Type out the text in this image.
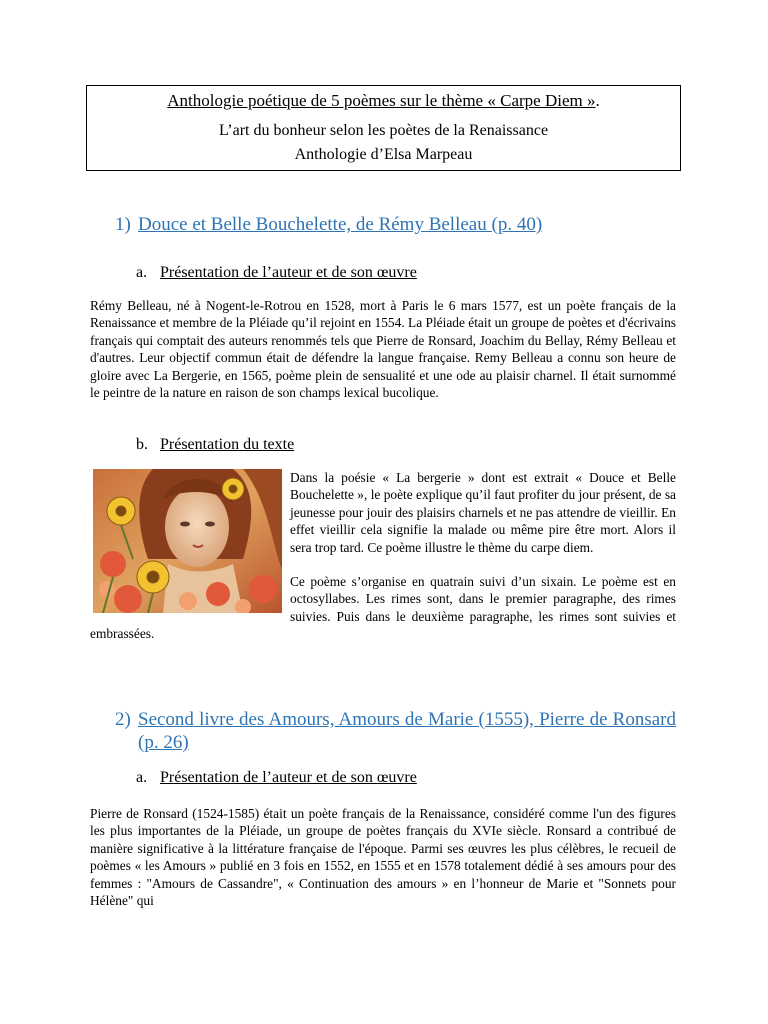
Anthologie poétique de 5 poèmes sur le thème « Carpe Diem ».
L’art du bonheur selon les poètes de la Renaissance
Anthologie d’Elsa Marpeau
1) Douce et Belle Bouchelette, de Rémy Belleau (p. 40)
a. Présentation de l’auteur et de son œuvre

Rémy Belleau, né à Nogent-le-Rotrou en 1528, mort à Paris le 6 mars 1577, est un poète français de la Renaissance et membre de la Pléiade qu’il rejoint en 1554. La Pléiade était un groupe de poètes et d'écrivains français qui comptait des auteurs renommés tels que Pierre de Ronsard, Joachim du Bellay, Rémy Belleau et d'autres. Leur objectif commun était de défendre la langue française. Remy Belleau a connu son heure de gloire avec La Bergerie, en 1565, poème plein de sensualité et une ode au plaisir charnel. Il était surnommé le peintre de la nature en raison de son champs lexical bucolique.

b. Présentation du texte

Dans la poésie « La bergerie » dont est extrait « Douce et Belle Bouchelette », le poète explique qu’il faut profiter du jour présent, de sa jeunesse pour jouir des plaisirs charnels et ne pas attendre de vieillir. En effet vieillir cela signifie la malade ou même pire être mort. Alors il sera trop tard. Ce poème illustre le thème du carpe diem.

Ce poème s’organise en quatrain suivi d’un sixain. Le poème est en octosyllabes. Les rimes sont, dans le premier paragraphe, des rimes suivies. Puis dans le deuxième paragraphe, les rimes sont suivies et embrassées.

2) Second livre des Amours, Amours de Marie (1555), Pierre de Ronsard (p. 26)
a. Présentation de l’auteur et de son œuvre

Pierre de Ronsard (1524-1585) était un poète français de la Renaissance, considéré comme l'un des figures les plus importantes de la Pléiade, un groupe de poètes français du XVIe siècle. Ronsard a contribué de manière significative à la littérature française de l'époque. Parmi ses œuvres les plus célèbres, le recueil de poèmes « les Amours » publié en 3 fois en 1552, en 1555 et en 1578 totalement dédié à ses amours pour des femmes : "Amours de Cassandre", « Continuation des amours » en l’honneur de Marie et "Sonnets pour Hélène" qui
